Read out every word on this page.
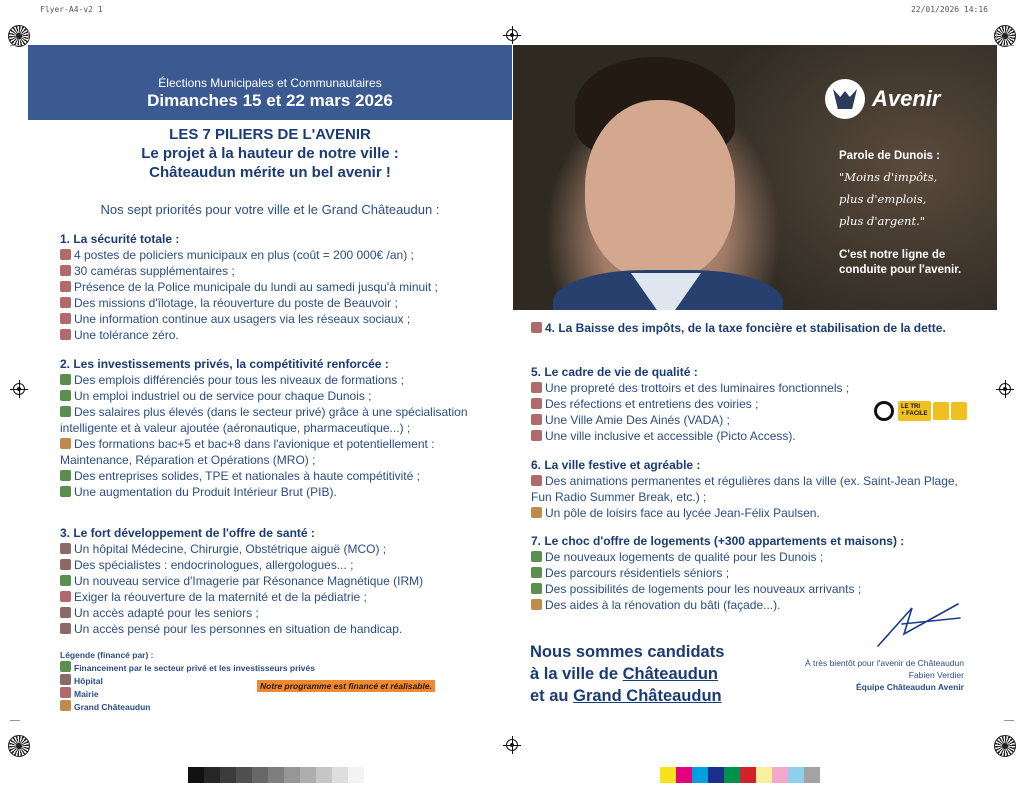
Flyer-A4-v2 1	22/01/2026 14:16
Élections Municipales et Communautaires
Dimanches 15 et 22 mars 2026
LES 7 PILIERS DE L'AVENIR
Le projet à la hauteur de notre ville :
Châteaudun mérite un bel avenir !
Nos sept priorités pour votre ville et le Grand Châteaudun :
1. La sécurité totale :
4 postes de policiers municipaux en plus (coût = 200 000€ /an) ;
30 caméras supplémentaires ;
Présence de la Police municipale du lundi au samedi jusqu'à minuit ;
Des missions d'îlotage, la réouverture du poste de Beauvoir ;
Une information continue aux usagers via les réseaux sociaux ;
Une tolérance zéro.
2. Les investissements privés, la compétitivité renforcée :
Des emplois différenciés pour tous les niveaux de formations ;
Un emploi industriel ou de service pour chaque Dunois ;
Des salaires plus élevés (dans le secteur privé) grâce à une spécialisation intelligente et à valeur ajoutée (aéronautique, pharmaceutique...) ;
Des formations bac+5 et bac+8 dans l'avionique et potentiellement : Maintenance, Réparation et Opérations (MRO) ;
Des entreprises solides, TPE et nationales à haute compétitivité ;
Une augmentation du Produit Intérieur Brut (PIB).
3. Le fort développement de l'offre de santé :
Un hôpital Médecine, Chirurgie, Obstétrique aiguë (MCO) ;
Des spécialistes : endocrinologues, allergologues... ;
Un nouveau service d'Imagerie par Résonance Magnétique (IRM)
Exiger la réouverture de la maternité et de la pédiatrie ;
Un accès adapté pour les seniors ;
Un accès pensé pour les personnes en situation de handicap.
Légende (financé par) :
Financement par le secteur privé et les investisseurs privés
Hôpital
Mairie
Grand Châteaudun
Notre programme est financé et réalisable.
Avenir
Parole de Dunois :
"Moins d'impôts,
plus d'emplois,
plus d'argent."
C'est notre ligne de
conduite pour l'avenir.
4. La Baisse des impôts, de la taxe foncière et stabilisation de la dette.
5. Le cadre de vie de qualité :
Une propreté des trottoirs et des luminaires fonctionnels ;
Des réfections et entretiens des voiries ;
Une Ville Amie Des Ainés (VADA) ;
Une ville inclusive et accessible (Picto Access).
LE TRI
+ FACILE
6. La ville festive et agréable :
Des animations permanentes et régulières dans la ville (ex. Saint-Jean Plage, Fun Radio Summer Break, etc.) ;
Un pôle de loisirs face au lycée Jean-Félix Paulsen.
7. Le choc d'offre de logements (+300 appartements et maisons) :
De nouveaux logements de qualité pour les Dunois ;
Des parcours résidentiels séniors ;
Des possibilités de logements pour les nouveaux arrivants ;
Des aides à la rénovation du bâti (façade...).
Nous sommes candidats
à la ville de Châteaudun
et au Grand Châteaudun
À très bientôt pour l'avenir de Châteaudun
Fabien Verdier
Équipe Châteaudun Avenir
